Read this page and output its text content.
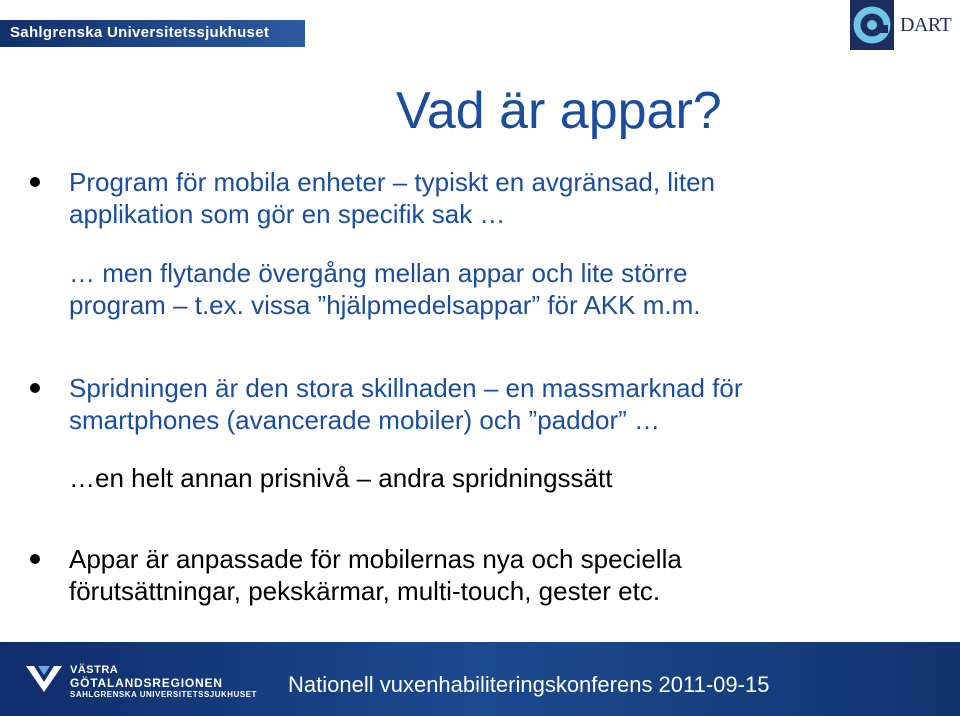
Sahlgrenska Universitetssjukhuset	DART
Vad är appar?
Program för mobila enheter – typiskt en avgränsad, liten
applikation som gör en specifik sak …
… men flytande övergång mellan appar och lite större
program – t.ex. vissa ”hjälpmedelsappar” för AKK m.m.
Spridningen är den stora skillnaden – en massmarknad för
smartphones (avancerade mobiler) och ”paddor” …
…en helt annan prisnivå – andra spridningssätt
Appar är anpassade för mobilernas nya och speciella
förutsättningar, pekskärmar, multi-touch, gester etc.
VÄSTRA
GÖTALANDSREGIONEN
SAHLGRENSKA UNIVERSITETSSJUKHUSET Nationell vuxenhabiliteringskonferens 2011-09-15
